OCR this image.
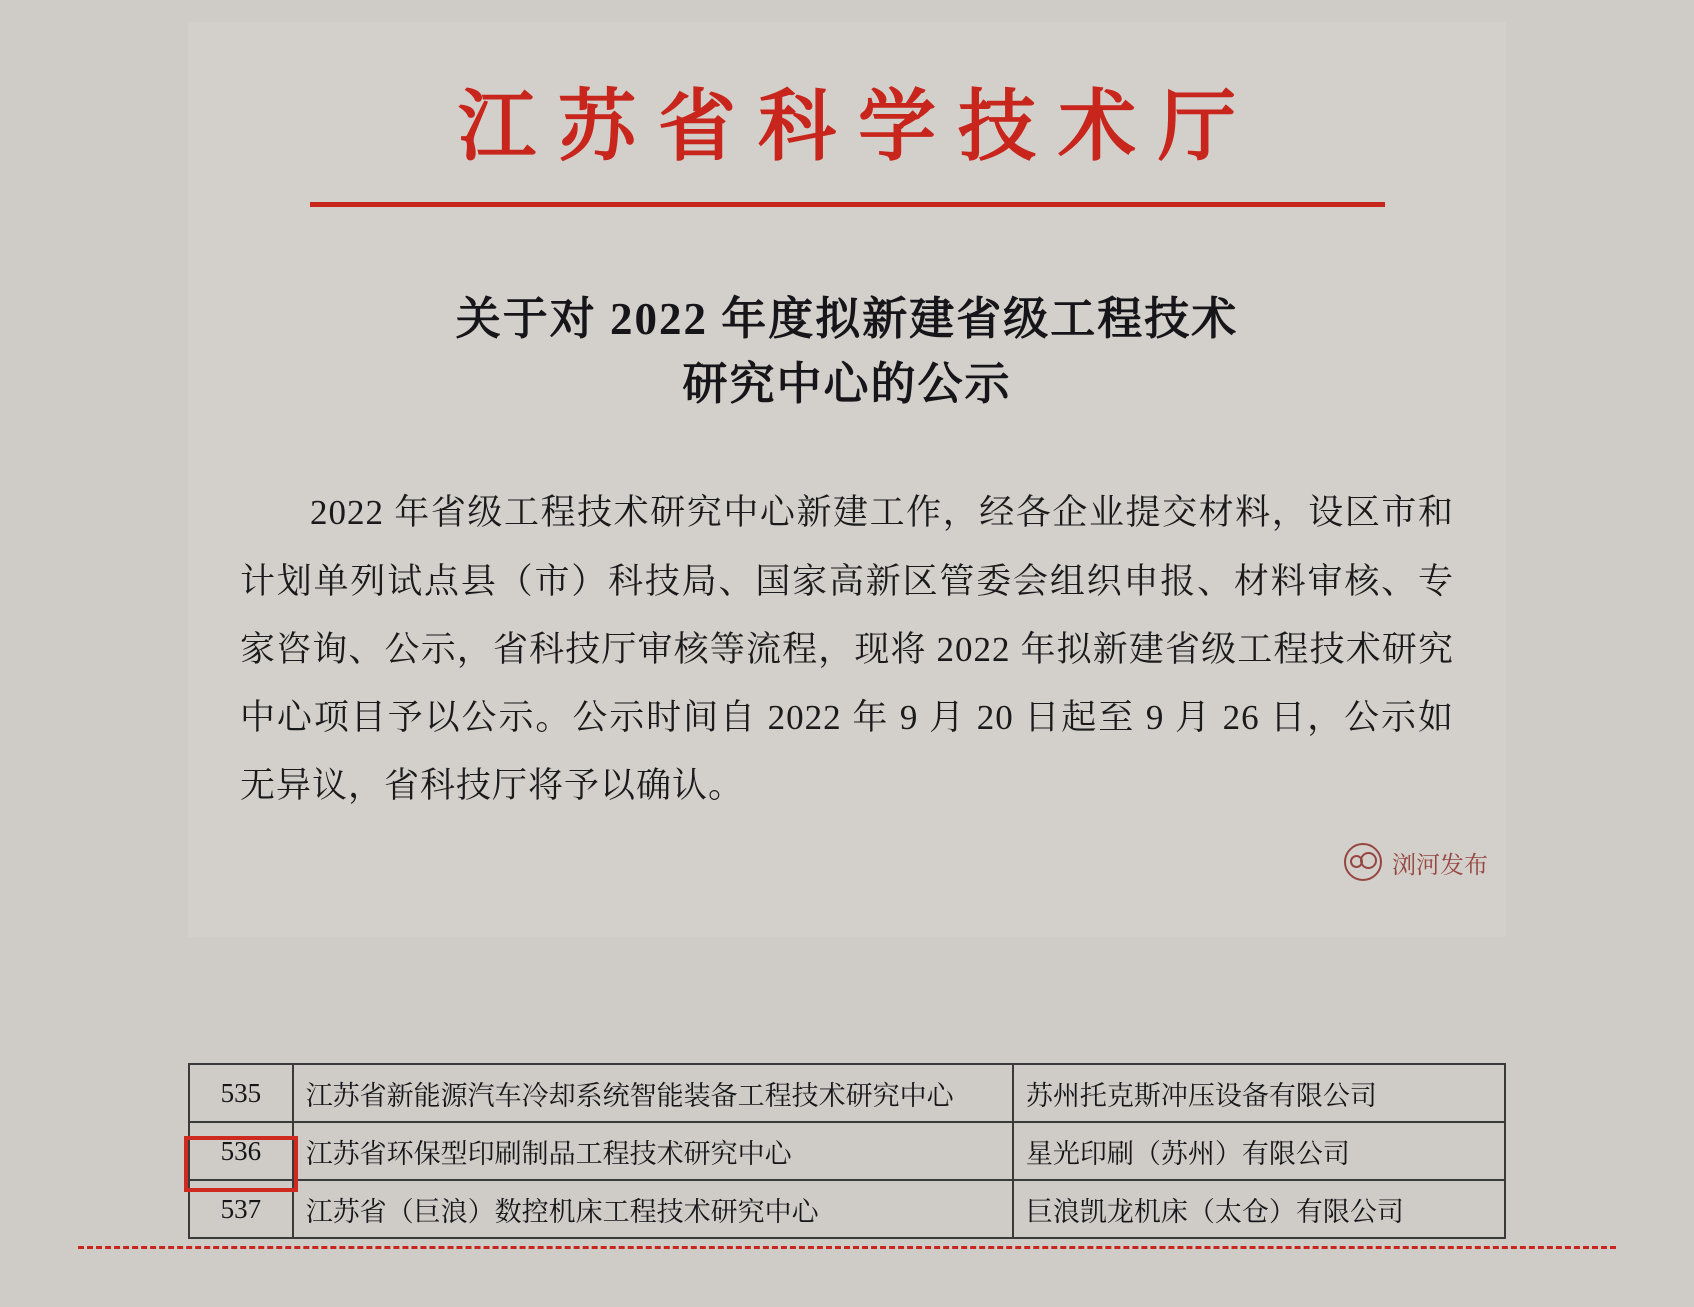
江苏省科学技术厅
关于对 2022 年度拟新建省级工程技术
研究中心的公示

2022 年省级工程技术研究中心新建工作，经各企业提交材料，设区市和计划单列试点县（市）科技局、国家高新区管委会组织申报、材料审核、专家咨询、公示，省科技厅审核等流程，现将 2022 年拟新建省级工程技术研究中心项目予以公示。公示时间自 2022 年 9 月 20 日起至 9 月 26 日，公示如无异议，省科技厅将予以确认。

浏河发布
535	江苏省新能源汽车冷却系统智能装备工程技术研究中心	苏州托克斯冲压设备有限公司
536	江苏省环保型印刷制品工程技术研究中心	星光印刷（苏州）有限公司
537	江苏省（巨浪）数控机床工程技术研究中心	巨浪凯龙机床（太仓）有限公司
